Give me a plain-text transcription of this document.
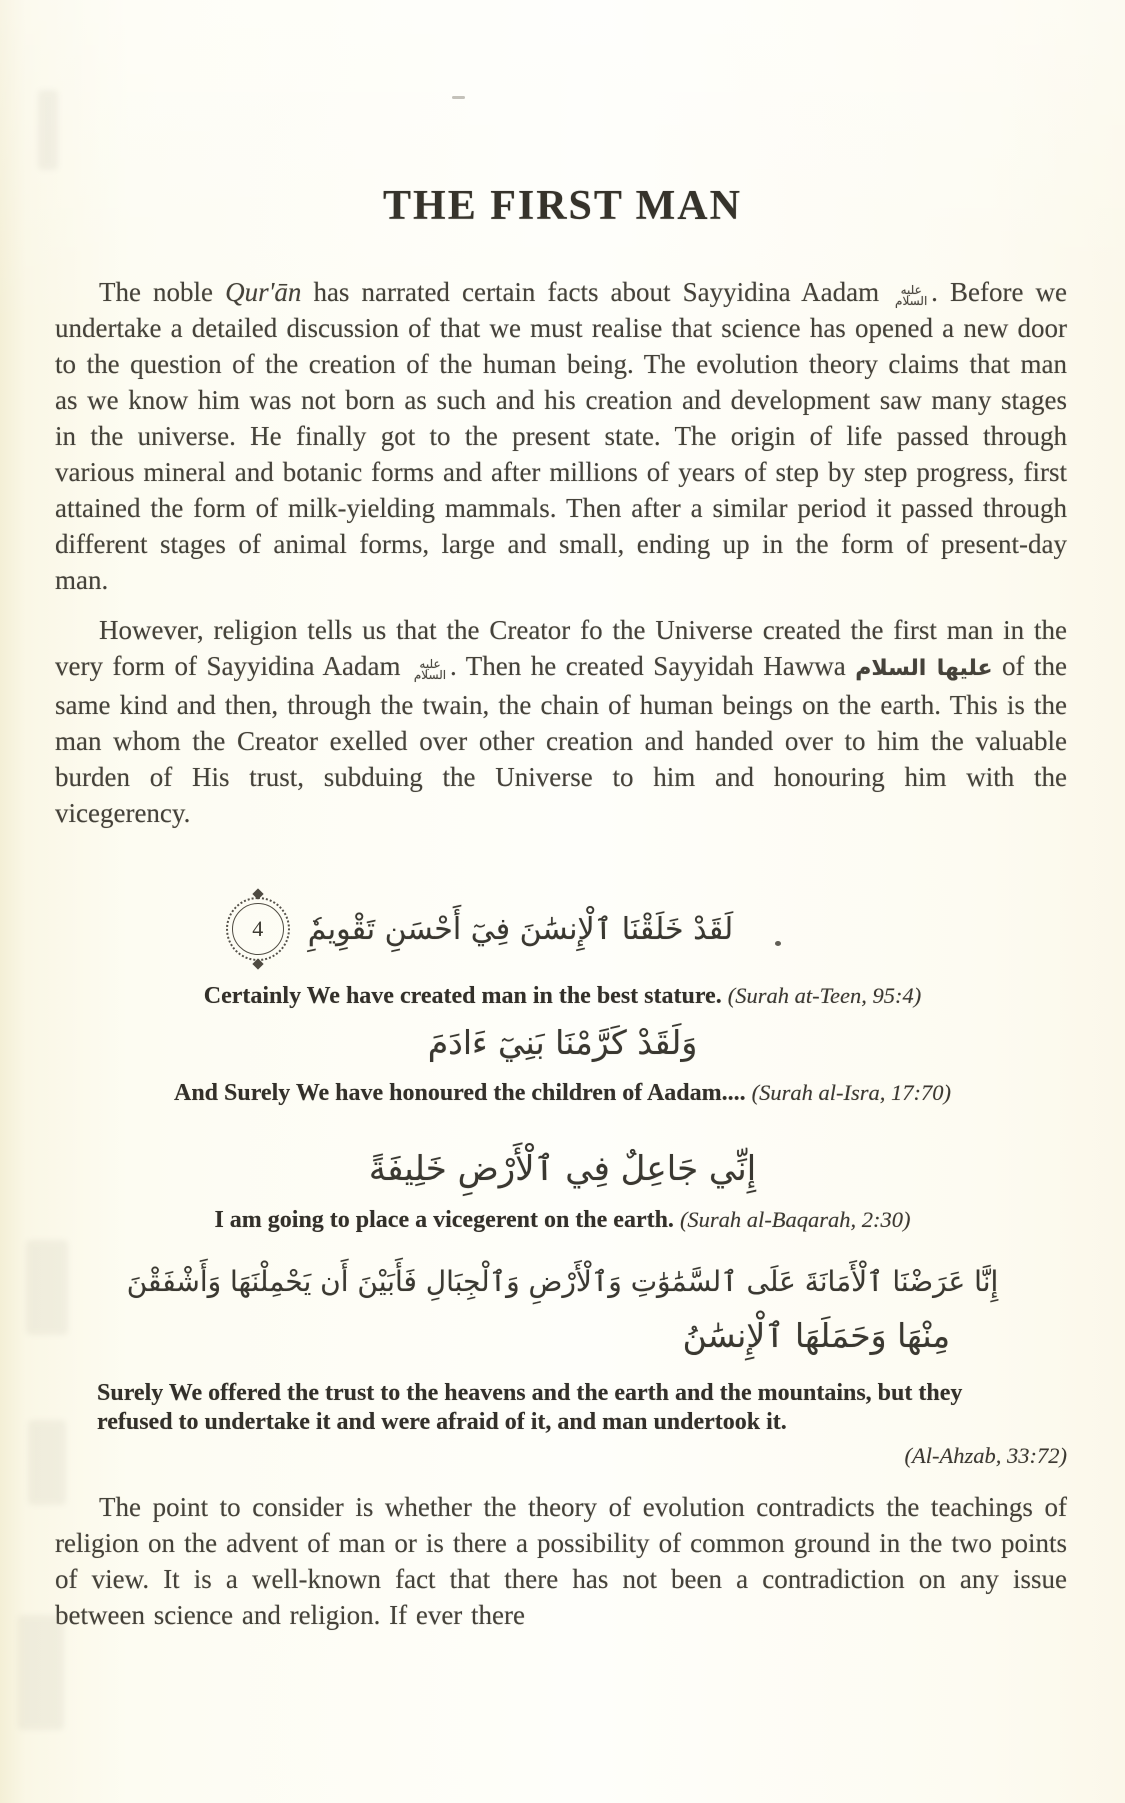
THE FIRST MAN

The noble Qur'ān has narrated certain facts about Sayyidina Aadam عليه السلام . Before we undertake a detailed discussion of that we must realise that science has opened a new door to the question of the creation of the human being. The evolution theory claims that man as we know him was not born as such and his creation and development saw many stages in the universe. He finally got to the present state. The origin of life passed through various mineral and botanic forms and after millions of years of step by step progress, first attained the form of milk-yielding mammals. Then after a similar period it passed through different stages of animal forms, large and small, ending up in the form of present-day man.

However, religion tells us that the Creator fo the Universe created the first man in the very form of Sayyidina Aadam عليه السلام . Then he created Sayyidah Hawwa عليها السلام of the same kind and then, through the twain, the chain of human beings on the earth. This is the man whom the Creator exelled over other creation and handed over to him the valuable burden of His trust, subduing the Universe to him and honouring him with the vicegerency.

4 لَقَدْ خَلَقْنَا ٱلْإِنسَٰنَ فِيٓ أَحْسَنِ تَقْوِيمِٗ
Certainly We have created man in the best stature. (Surah at-Teen, 95:4)
وَلَقَدْ كَرَّمْنَا بَنِيٓ ءَادَمَ
And Surely We have honoured the children of Aadam.... (Surah al-Isra, 17:70)
إِنِّي جَاعِلٌ فِي ٱلْأَرْضِ خَلِيفَةً
I am going to place a vicegerent on the earth. (Surah al-Baqarah, 2:30)
إِنَّا عَرَضْنَا ٱلْأَمَانَةَ عَلَى ٱلسَّمَٰوَٰتِ وَٱلْأَرْضِ وَٱلْجِبَالِ فَأَبَيْنَ أَن يَحْمِلْنَهَا وَأَشْفَقْنَ
مِنْهَا وَحَمَلَهَا ٱلْإِنسَٰنُ
Surely We offered the trust to the heavens and the earth and the mountains, but they refused to undertake it and were afraid of it, and man undertook it.
(Al-Ahzab, 33:72)

The point to consider is whether the theory of evolution contradicts the teachings of religion on the advent of man or is there a possibility of common ground in the two points of view. It is a well-known fact that there has not been a contradiction on any issue between science and religion. If ever there
